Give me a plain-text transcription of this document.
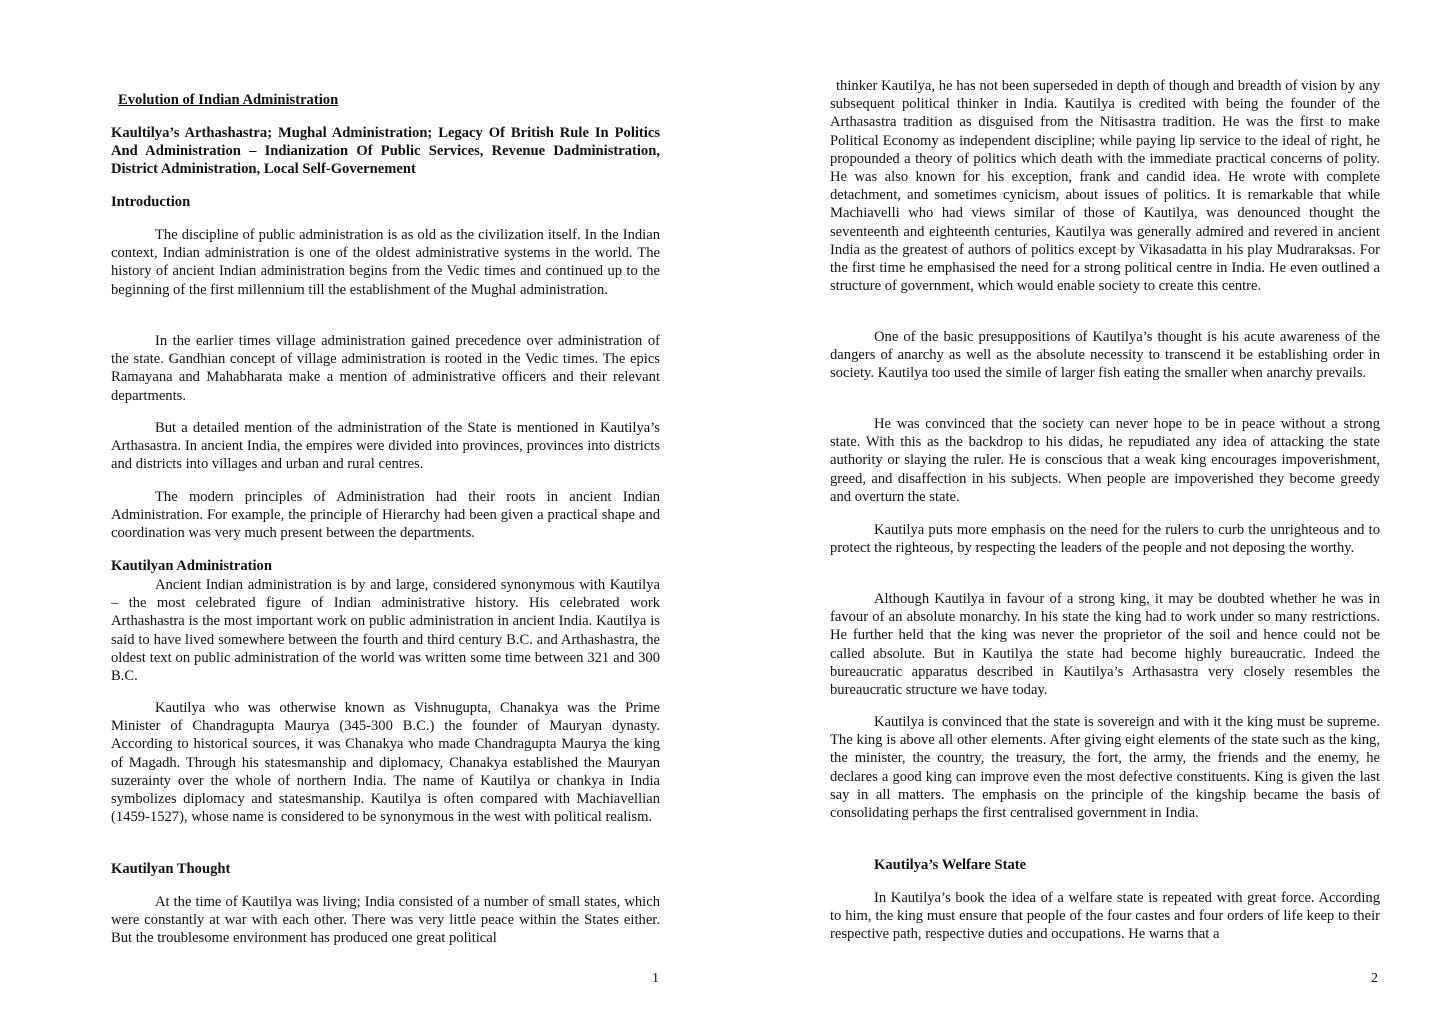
Evolution of Indian Administration

Kaultilya’s Arthashastra; Mughal Administration; Legacy Of British Rule In Politics And Administration – Indianization Of Public Services, Revenue Dadministration, District Administration, Local Self-Governement

Introduction

The discipline of public administration is as old as the civilization itself. In the Indian context, Indian administration is one of the oldest administrative systems in the world. The history of ancient Indian administration begins from the Vedic times and continued up to the beginning of the first millennium till the establishment of the Mughal administration.

In the earlier times village administration gained precedence over administration of the state. Gandhian concept of village administration is rooted in the Vedic times. The epics Ramayana and Mahabharata make a mention of administrative officers and their relevant departments.

But a detailed mention of the administration of the State is mentioned in Kautilya’s Arthasastra. In ancient India, the empires were divided into provinces, provinces into districts and districts into villages and urban and rural centres.

The modern principles of Administration had their roots in ancient Indian Administration. For example, the principle of Hierarchy had been given a practical shape and coordination was very much present between the departments.

Kautilyan Administration

Ancient Indian administration is by and large, considered synonymous with Kautilya – the most celebrated figure of Indian administrative history. His celebrated work Arthashastra is the most important work on public administration in ancient India. Kautilya is said to have lived somewhere between the fourth and third century B.C. and Arthashastra, the oldest text on public administration of the world was written some time between 321 and 300 B.C.

Kautilya who was otherwise known as Vishnugupta, Chanakya was the Prime Minister of Chandragupta Maurya (345-300 B.C.) the founder of Mauryan dynasty. According to historical sources, it was Chanakya who made Chandragupta Maurya the king of Magadh. Through his statesmanship and diplomacy, Chanakya established the Mauryan suzerainty over the whole of northern India. The name of Kautilya or chankya in India symbolizes diplomacy and statesmanship. Kautilya is often compared with Machiavellian (1459-1527), whose name is considered to be synonymous in the west with political realism.

Kautilyan Thought

At the time of Kautilya was living; India consisted of a number of small states, which were constantly at war with each other. There was very little peace within the States either. But the troublesome environment has produced one great political

1

thinker Kautilya, he has not been superseded in depth of though and breadth of vision by any subsequent political thinker in India. Kautilya is credited with being the founder of the Arthasastra tradition as disguised from the Nitisastra tradition. He was the first to make Political Economy as independent discipline; while paying lip service to the ideal of right, he propounded a theory of politics which death with the immediate practical concerns of polity. He was also known for his exception, frank and candid idea. He wrote with complete detachment, and sometimes cynicism, about issues of politics. It is remarkable that while Machiavelli who had views similar of those of Kautilya, was denounced thought the seventeenth and eighteenth centuries, Kautilya was generally admired and revered in ancient India as the greatest of authors of politics except by Vikasadatta in his play Mudraraksas. For the first time he emphasised the need for a strong political centre in India. He even outlined a structure of government, which would enable society to create this centre.

One of the basic presuppositions of Kautilya’s thought is his acute awareness of the dangers of anarchy as well as the absolute necessity to transcend it be establishing order in society. Kautilya too used the simile of larger fish eating the smaller when anarchy prevails.

He was convinced that the society can never hope to be in peace without a strong state. With this as the backdrop to his didas, he repudiated any idea of attacking the state authority or slaying the ruler. He is conscious that a weak king encourages impoverishment, greed, and disaffection in his subjects. When people are impoverished they become greedy and overturn the state.

Kautilya puts more emphasis on the need for the rulers to curb the unrighteous and to protect the righteous, by respecting the leaders of the people and not deposing the worthy.

Although Kautilya in favour of a strong king, it may be doubted whether he was in favour of an absolute monarchy. In his state the king had to work under so many restrictions. He further held that the king was never the proprietor of the soil and hence could not be called absolute. But in Kautilya the state had become highly bureaucratic. Indeed the bureaucratic apparatus described in Kautilya’s Arthasastra very closely resembles the bureaucratic structure we have today.

Kautilya is convinced that the state is sovereign and with it the king must be supreme. The king is above all other elements. After giving eight elements of the state such as the king, the minister, the country, the treasury, the fort, the army, the friends and the enemy, he declares a good king can improve even the most defective constituents. King is given the last say in all matters. The emphasis on the principle of the kingship became the basis of consolidating perhaps the first centralised government in India.

Kautilya’s Welfare State

In Kautilya’s book the idea of a welfare state is repeated with great force. According to him, the king must ensure that people of the four castes and four orders of life keep to their respective path, respective duties and occupations. He warns that a

2
